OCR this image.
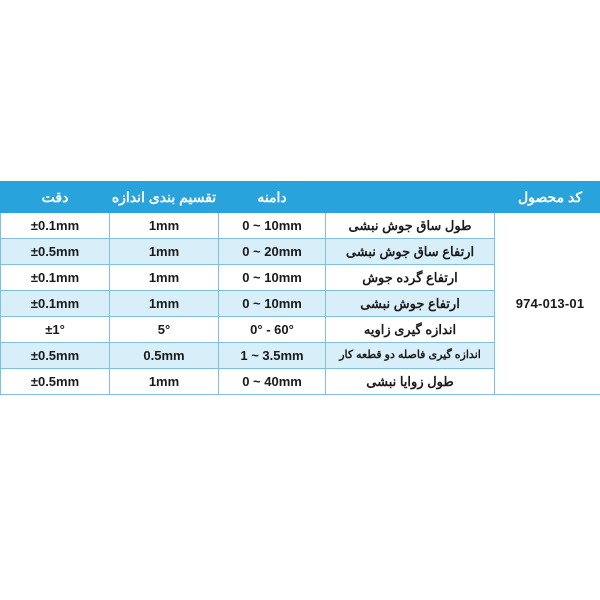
کد محصول		دامنه	تقسیم بندی اندازه	دقت
974-013-01	طول ساق جوش نبشی	0 ~ 10mm	1mm	±0.1mm
	ارتفاع ساق جوش نبشی	0 ~ 20mm	1mm	±0.5mm
	ارتفاع گرده جوش	0 ~ 10mm	1mm	±0.1mm
	ارتفاع جوش نبشی	0 ~ 10mm	1mm	±0.1mm
	اندازه گیری زاویه	0° - 60°	5°	±1°
	اندازه گیری فاصله دو قطعه کار	1 ~ 3.5mm	0.5mm	±0.5mm
	طول زوایا نبشی	0 ~ 40mm	1mm	±0.5mm
